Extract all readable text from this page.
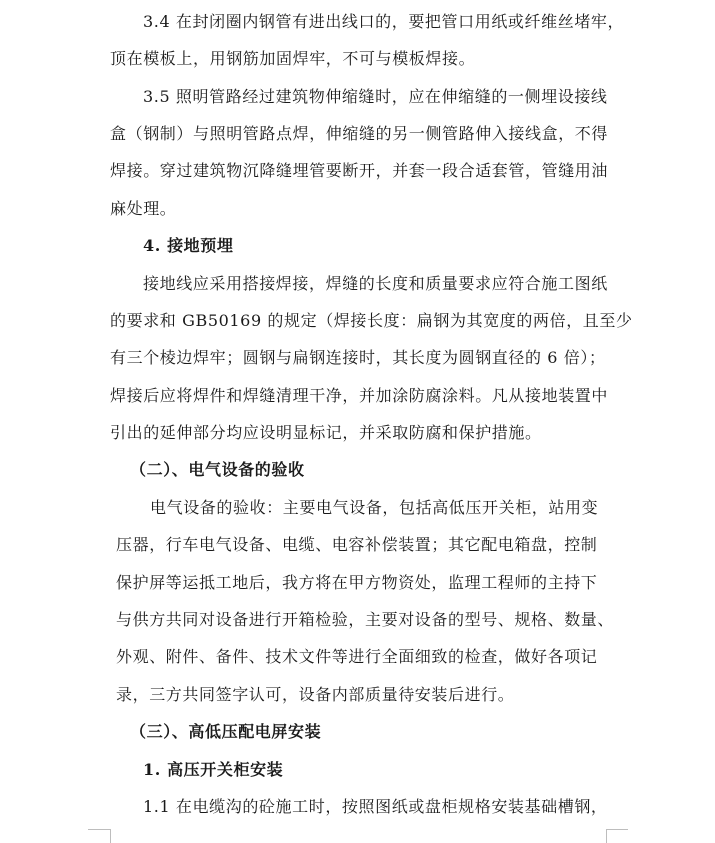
3.4 在封闭圈内钢管有进出线口的，要把管口用纸或纤维丝堵牢，
顶在模板上，用钢筋加固焊牢，不可与模板焊接。
3.5 照明管路经过建筑物伸缩缝时，应在伸缩缝的一侧埋设接线
盒（钢制）与照明管路点焊，伸缩缝的另一侧管路伸入接线盒，不得
焊接。穿过建筑物沉降缝埋管要断开，并套一段合适套管，管缝用油
麻处理。
4. 接地预埋
接地线应采用搭接焊接，焊缝的长度和质量要求应符合施工图纸
的要求和 GB50169 的规定（焊接长度：扁钢为其宽度的两倍，且至少
有三个棱边焊牢；圆钢与扁钢连接时，其长度为圆钢直径的 6 倍）；
焊接后应将焊件和焊缝清理干净，并加涂防腐涂料。凡从接地装置中
引出的延伸部分均应设明显标记，并采取防腐和保护措施。
（二）、电气设备的验收
电气设备的验收：主要电气设备，包括高低压开关柜，站用变
压器，行车电气设备、电缆、电容补偿装置；其它配电箱盘，控制
保护屏等运抵工地后，我方将在甲方物资处，监理工程师的主持下
与供方共同对设备进行开箱检验，主要对设备的型号、规格、数量、
外观、附件、备件、技术文件等进行全面细致的检查，做好各项记
录，三方共同签字认可，设备内部质量待安装后进行。
（三）、高低压配电屏安装
1. 高压开关柜安装
1.1 在电缆沟的砼施工时，按照图纸或盘柜规格安装基础槽钢，
